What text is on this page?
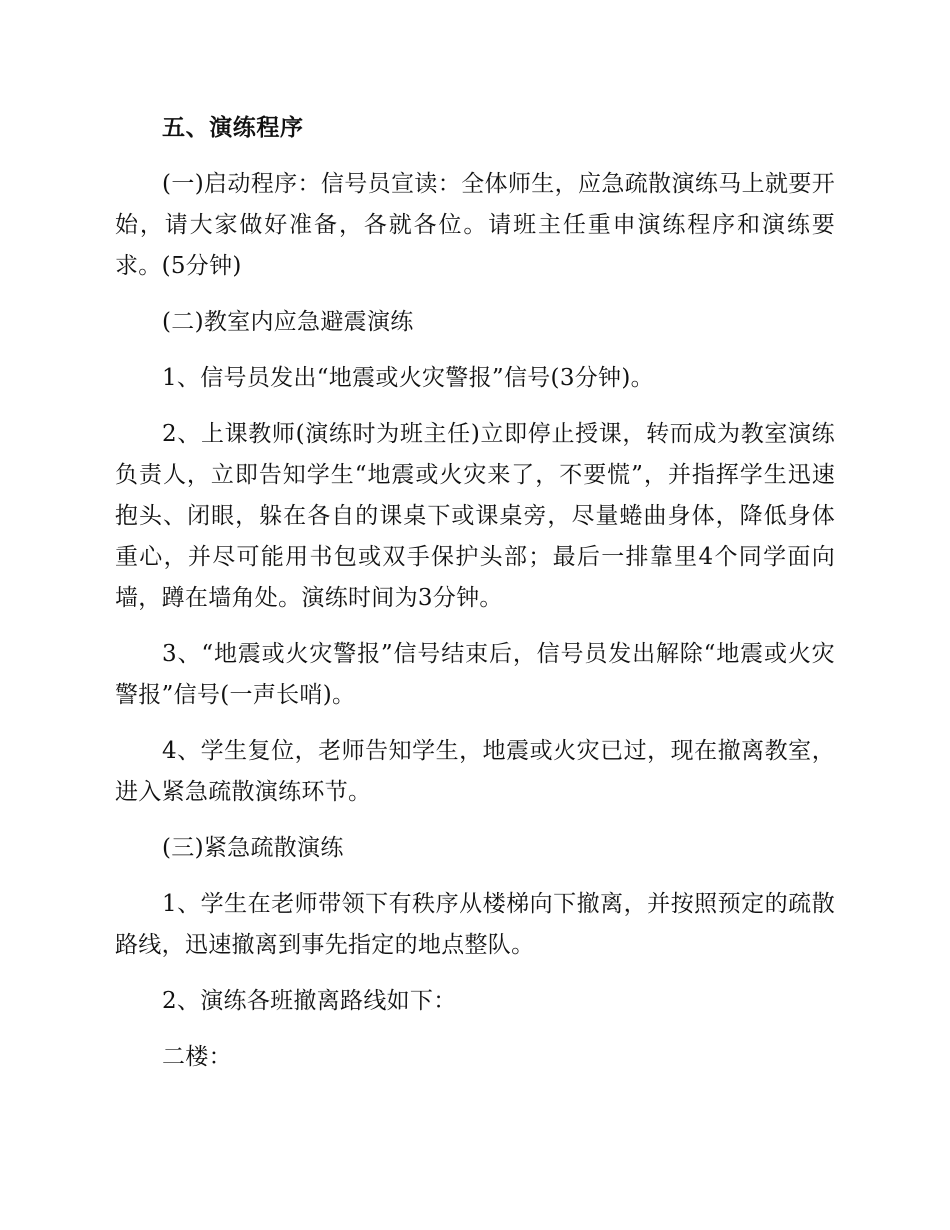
五、演练程序

(一)启动程序：信号员宣读：全体师生，应急疏散演练马上就要开始，请大家做好准备，各就各位。请班主任重申演练程序和演练要求。(5分钟)

(二)教室内应急避震演练

1、信号员发出“地震或火灾警报”信号(3分钟)。

2、上课教师(演练时为班主任)立即停止授课，转而成为教室演练负责人，立即告知学生“地震或火灾来了，不要慌”，并指挥学生迅速抱头、闭眼，躲在各自的课桌下或课桌旁，尽量蜷曲身体，降低身体重心，并尽可能用书包或双手保护头部；最后一排靠里4个同学面向墙，蹲在墙角处。演练时间为3分钟。

3、“地震或火灾警报”信号结束后，信号员发出解除“地震或火灾警报”信号(一声长哨)。

4、学生复位，老师告知学生，地震或火灾已过，现在撤离教室，进入紧急疏散演练环节。

(三)紧急疏散演练

1、学生在老师带领下有秩序从楼梯向下撤离，并按照预定的疏散路线，迅速撤离到事先指定的地点整队。

2、演练各班撤离路线如下：

二楼：
